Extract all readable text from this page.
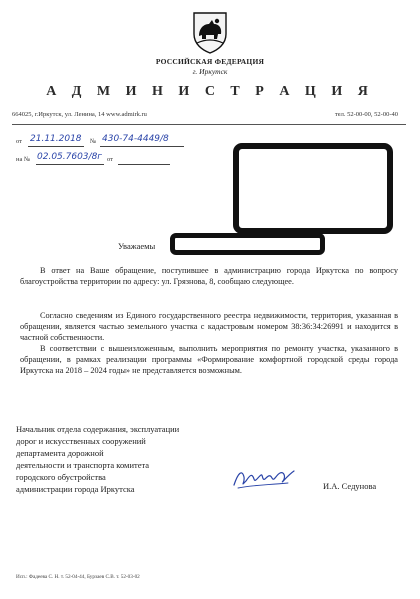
РОССИЙСКАЯ ФЕДЕРАЦИЯ
г. Иркутск
А Д М И Н И С Т Р А Ц И Я
664025, г.Иркутск, ул. Ленина, 14 www.admirk.ru	тел. 52-00-00, 52-00-40
от 21.11.2018 № 430-74-4449/8
на № 02.05.7603/8г от
Уважаемы

В ответ на Ваше обращение, поступившее в администрацию города Иркутска по вопросу благоустройства территории по адресу: ул. Грязнова, 8, сообщаю следующее.

Согласно сведениям из Единого государственного реестра недвижимости, территория, указанная в обращении, является частью земельного участка с кадастровым номером 38:36:34:26991 и находится в частной собственности.

В соответствии с вышеизложенным, выполнить мероприятия по ремонту участка, указанного в обращении, в рамках реализации программы «Формирование комфортной городской среды города Иркутска на 2018 – 2024 годы» не представляется возможным.

Начальник отдела содержания, эксплуатации
дорог и искусственных сооружений
департамента дорожной
деятельности и транспорта комитета
городского обустройства
администрации города Иркутска	И.А. Седунова
Исп.: Фадеева С. Н. т. 52-04-44, Бурзаев С.В. т. 52-03-02
